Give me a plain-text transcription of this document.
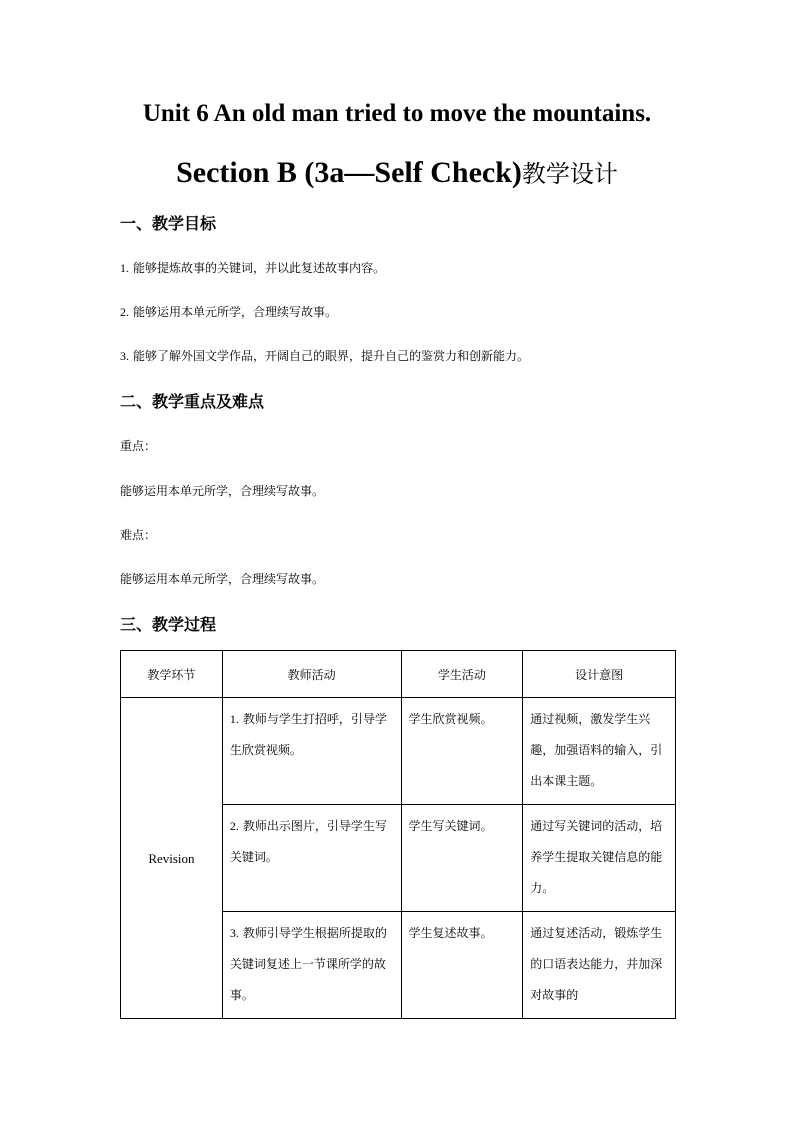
Unit 6 An old man tried to move the mountains.
Section B (3a—Self Check)教学设计
一、教学目标
1. 能够提炼故事的关键词，并以此复述故事内容。
2. 能够运用本单元所学，合理续写故事。
3. 能够了解外国文学作品，开阔自己的眼界，提升自己的鉴赏力和创新能力。
二、教学重点及难点
重点：
能够运用本单元所学，合理续写故事。
难点：
能够运用本单元所学，合理续写故事。
三、教学过程
教学环节	教师活动	学生活动	设计意图
Revision	1. 教师与学生打招呼，引导学生欣赏视频。	学生欣赏视频。	通过视频，激发学生兴趣，加强语料的输入，引出本课主题。
	2. 教师出示图片，引导学生写关键词。	学生写关键词。	通过写关键词的活动，培养学生提取关键信息的能力。
	3. 教师引导学生根据所提取的关键词复述上一节课所学的故事。	学生复述故事。	通过复述活动，锻炼学生的口语表达能力，并加深对故事的
